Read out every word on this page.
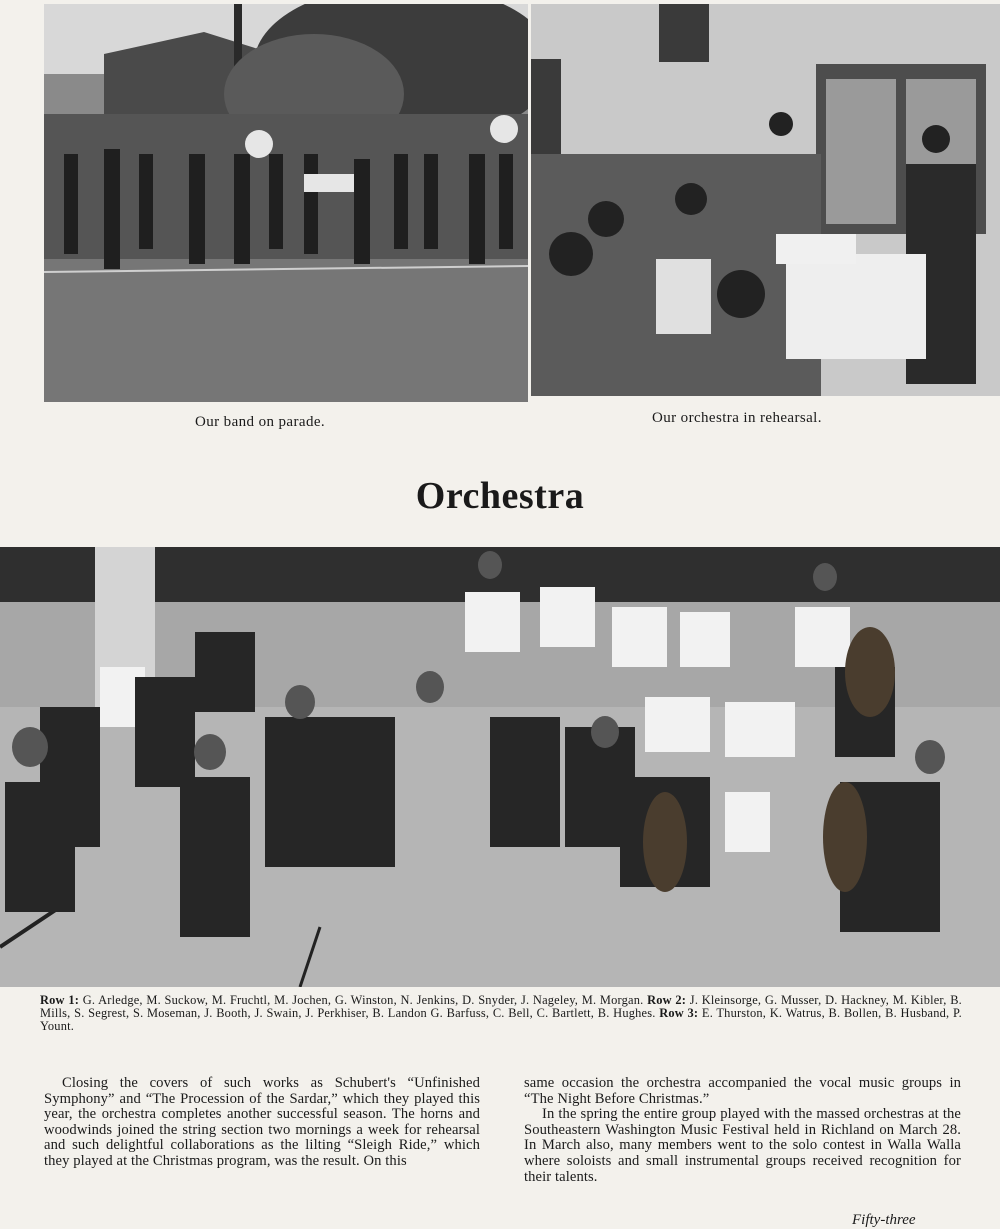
Our band on parade.	Our orchestra in rehearsal.
Orchestra
Row 1: G. Arledge, M. Suckow, M. Fruchtl, M. Jochen, G. Winston, N. Jenkins, D. Snyder, J. Nageley, M. Morgan. Row 2: J. Kleinsorge, G. Musser, D. Hackney, M. Kibler, B. Mills, S. Segrest, S. Moseman, J. Booth, J. Swain, J. Perkhiser, B. Landon G. Barfuss, C. Bell, C. Bartlett, B. Hughes. Row 3: E. Thurston, K. Watrus, B. Bollen, B. Husband, P. Yount.
Closing the covers of such works as Schubert's “Unfinished Symphony” and “The Procession of the Sardar,” which they played this year, the orchestra completes another successful season. The horns and woodwinds joined the string section two mornings a week for rehearsal and such delightful collaborations as the lilting “Sleigh Ride,” which they played at the Christmas program, was the result. On this

same occasion the orchestra accompanied the vocal music groups in “The Night Before Christmas.”

In the spring the entire group played with the massed orchestras at the Southeastern Washington Music Festival held in Richland on March 28. In March also, many members went to the solo contest in Walla Walla where soloists and small instrumental groups received recognition for their talents.

Fifty-three
